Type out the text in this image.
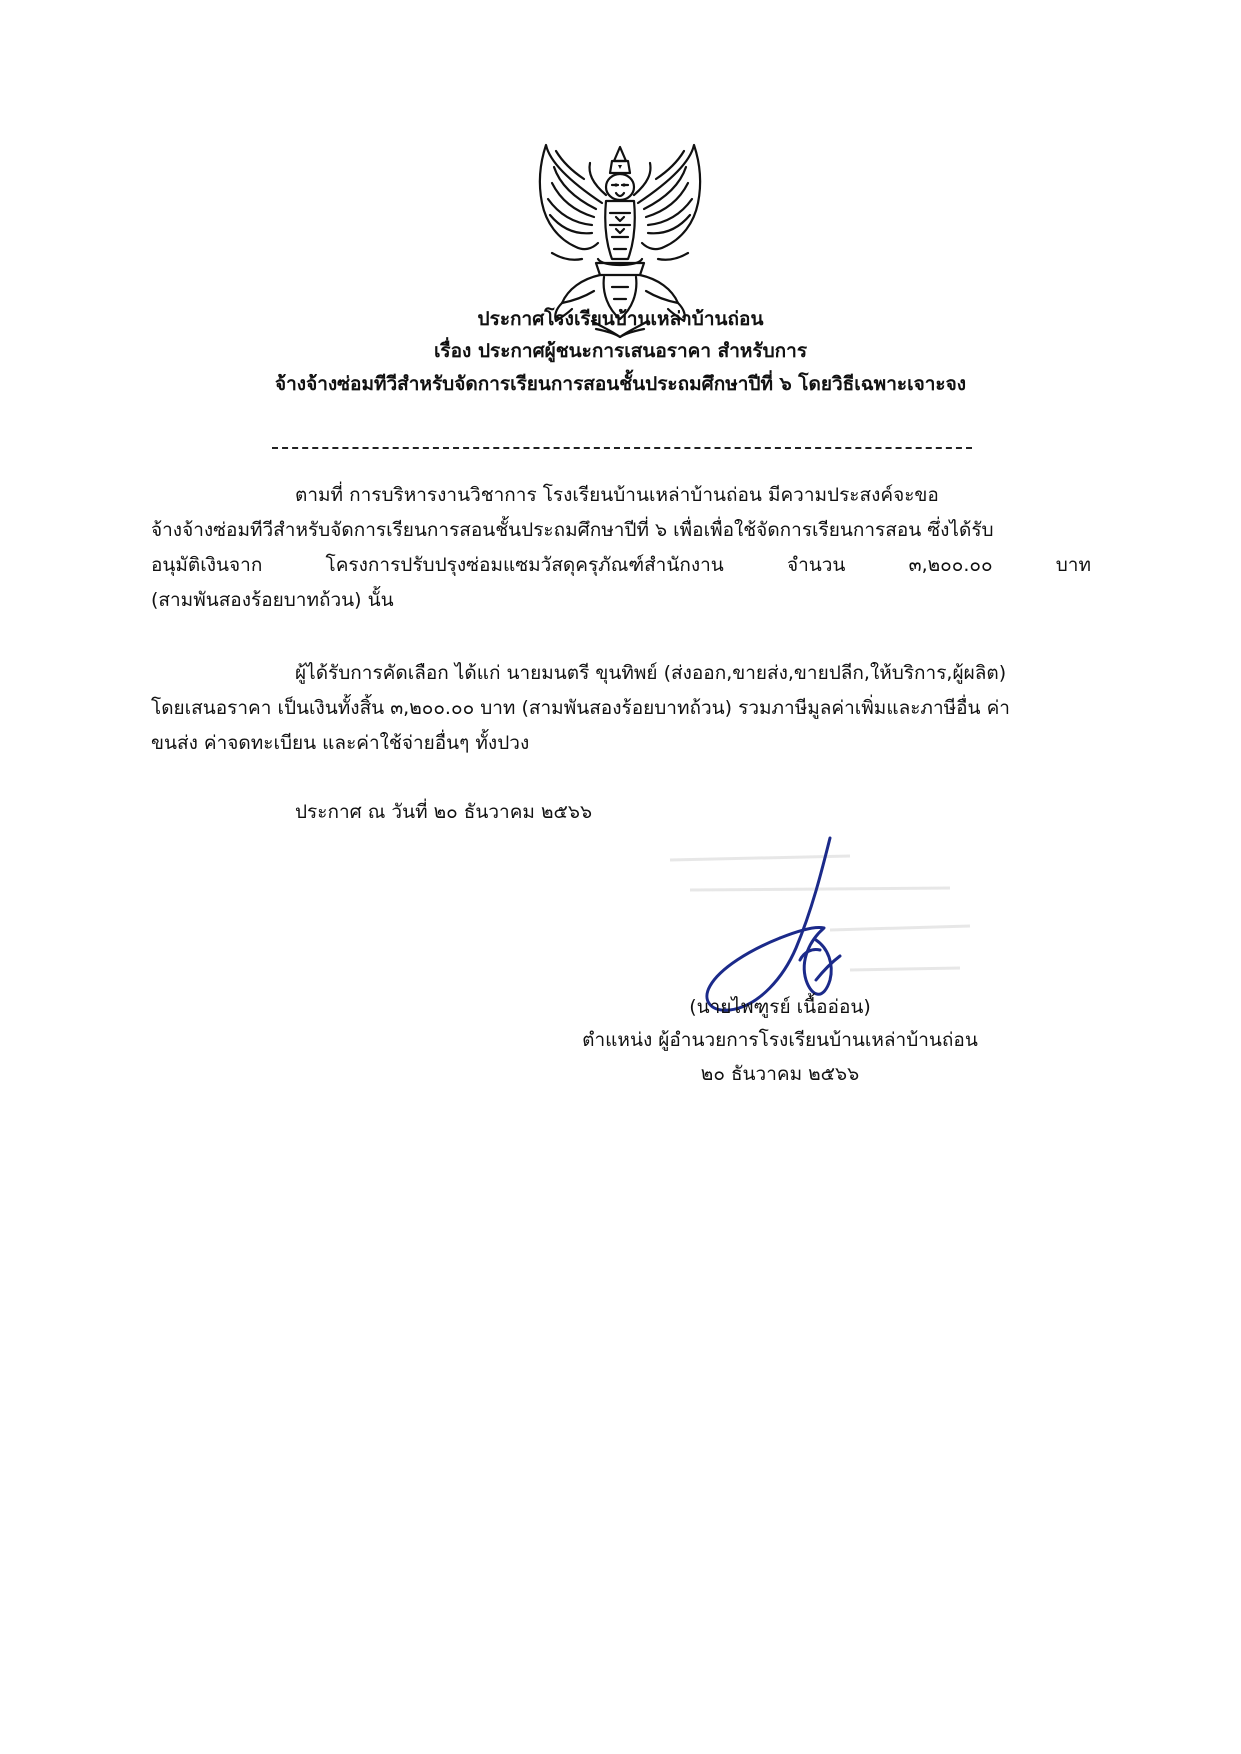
ประกาศโรงเรียนบ้านเหล่าบ้านถ่อน
เรื่อง ประกาศผู้ชนะการเสนอราคา สำหรับการ
จ้างจ้างซ่อมทีวีสำหรับจัดการเรียนการสอนชั้นประถมศึกษาปีที่ ๖ โดยวิธีเฉพาะเจาะจง
ตามที่ การบริหารงานวิชาการ โรงเรียนบ้านเหล่าบ้านถ่อน มีความประสงค์จะขอ
จ้างจ้างซ่อมทีวีสำหรับจัดการเรียนการสอนชั้นประถมศึกษาปีที่ ๖ เพื่อเพื่อใช้จัดการเรียนการสอน ซึ่งได้รับ
อนุมัติเงินจาก โครงการปรับปรุงซ่อมแซมวัสดุครุภัณฑ์สำนักงาน จำนวน ๓,๒๐๐.๐๐ บาท
(สามพันสองร้อยบาทถ้วน) นั้น
ผู้ได้รับการคัดเลือก ได้แก่ นายมนตรี ขุนทิพย์ (ส่งออก,ขายส่ง,ขายปลีก,ให้บริการ,ผู้ผลิต)
โดยเสนอราคา เป็นเงินทั้งสิ้น ๓,๒๐๐.๐๐ บาท (สามพันสองร้อยบาทถ้วน) รวมภาษีมูลค่าเพิ่มและภาษีอื่น ค่า
ขนส่ง ค่าจดทะเบียน และค่าใช้จ่ายอื่นๆ ทั้งปวง
ประกาศ ณ วันที่ ๒๐ ธันวาคม ๒๕๖๖
(นายไพฑูรย์ เนื้ออ่อน)
ตำแหน่ง ผู้อำนวยการโรงเรียนบ้านเหล่าบ้านถ่อน
๒๐ ธันวาคม ๒๕๖๖
